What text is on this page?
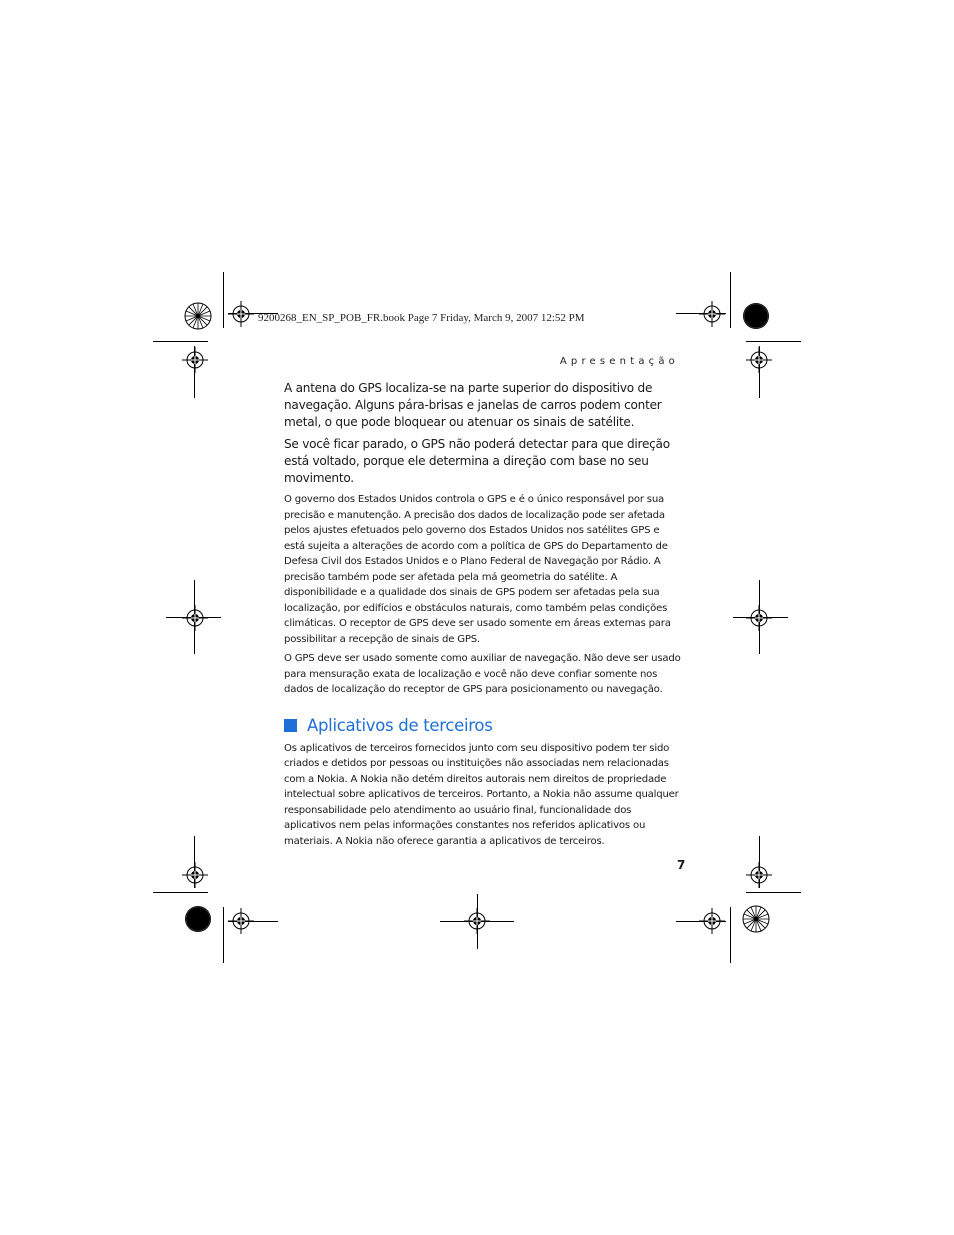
9200268_EN_SP_POB_FR.book Page 7 Friday, March 9, 2007 12:52 PM
Apresentação

A antena do GPS localiza-se na parte superior do dispositivo de navegação. Alguns pára-brisas e janelas de carros podem conter metal, o que pode bloquear ou atenuar os sinais de satélite.

Se você ficar parado, o GPS não poderá detectar para que direção está voltado, porque ele determina a direção com base no seu movimento.

O governo dos Estados Unidos controla o GPS e é o único responsável por sua precisão e manutenção. A precisão dos dados de localização pode ser afetada pelos ajustes efetuados pelo governo dos Estados Unidos nos satélites GPS e está sujeita a alterações de acordo com a política de GPS do Departamento de Defesa Civil dos Estados Unidos e o Plano Federal de Navegação por Rádio. A precisão também pode ser afetada pela má geometria do satélite. A disponibilidade e a qualidade dos sinais de GPS podem ser afetadas pela sua localização, por edifícios e obstáculos naturais, como também pelas condições climáticas. O receptor de GPS deve ser usado somente em áreas externas para possibilitar a recepção de sinais de GPS.

O GPS deve ser usado somente como auxiliar de navegação. Não deve ser usado para mensuração exata de localização e você não deve confiar somente nos dados de localização do receptor de GPS para posicionamento ou navegação.

Aplicativos de terceiros

Os aplicativos de terceiros fornecidos junto com seu dispositivo podem ter sido criados e detidos por pessoas ou instituições não associadas nem relacionadas com a Nokia. A Nokia não detém direitos autorais nem direitos de propriedade intelectual sobre aplicativos de terceiros. Portanto, a Nokia não assume qualquer responsabilidade pelo atendimento ao usuário final, funcionalidade dos aplicativos nem pelas informações constantes nos referidos aplicativos ou materiais. A Nokia não oferece garantia a aplicativos de terceiros.

7
